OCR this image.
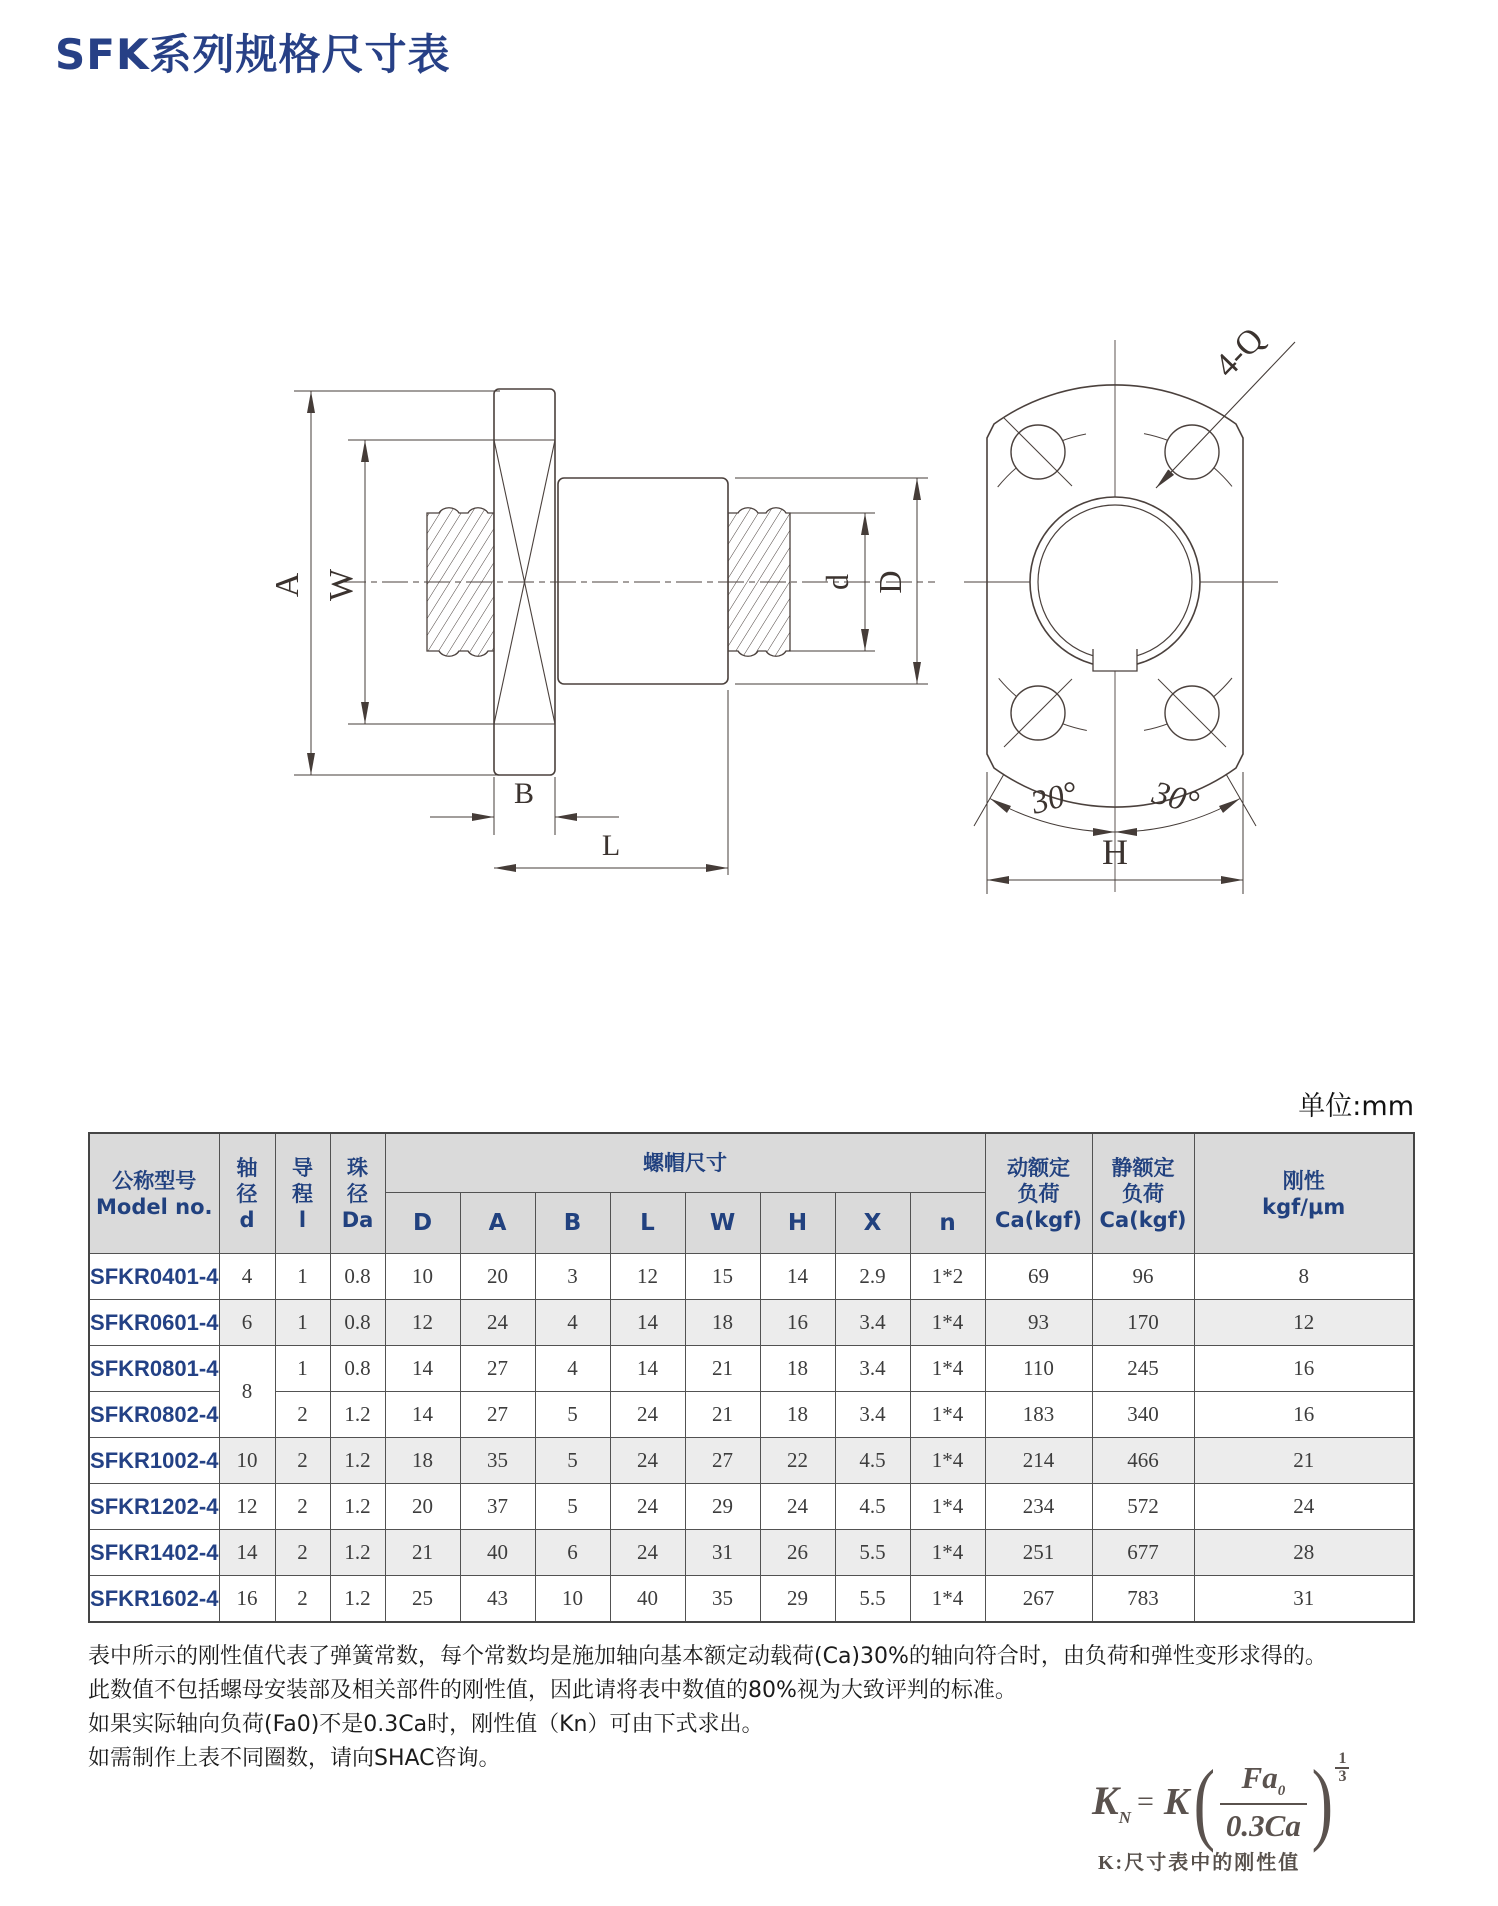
SFK系列规格尺寸表
A W	d D
B
L
4-Q
30° 30°
H
单位:mm
公称型号
Model no.

轴
径
d

导
程
l

珠
径
Da
	螺帽尺寸	动额定
负荷
Ca(kgf)

静额定
负荷
Ca(kgf)

刚性
kgf/μm

				D	A	B	L	W	H	X	n			
SFKR0401-4	4	1	0.8	10	20	3	12	15	14	2.9	1*2	69	96	8
SFKR0601-4	6	1	0.8	12	24	4	14	18	16	3.4	1*4	93	170	12
SFKR0801-4	8	1	0.8	14	27	4	14	21	18	3.4	1*4	110	245	16
SFKR0802-4		2	1.2	14	27	5	24	21	18	3.4	1*4	183	340	16
SFKR1002-4	10	2	1.2	18	35	5	24	27	22	4.5	1*4	214	466	21
SFKR1202-4	12	2	1.2	20	37	5	24	29	24	4.5	1*4	234	572	24
SFKR1402-4	14	2	1.2	21	40	6	24	31	26	5.5	1*4	251	677	28
SFKR1602-4	16	2	1.2	25	43	10	40	35	29	5.5	1*4	267	783	31
表中所示的刚性值代表了弹簧常数，每个常数均是施加轴向基本额定动载荷(Ca)30%的轴向符合时，由负荷和弹性变形求得的。
此数值不包括螺母安装部及相关部件的刚性值，因此请将表中数值的80%视为大致评判的标准。
如果实际轴向负荷(Fa0)不是0.3Ca时，刚性值（Kn）可由下式求出。
如需制作上表不同圈数，请向SHAC咨询。
$K_N = K$ ( $\frac{Fa_0}{0.3Ca}$ ) 1
3
K:尺寸表中的刚性值
